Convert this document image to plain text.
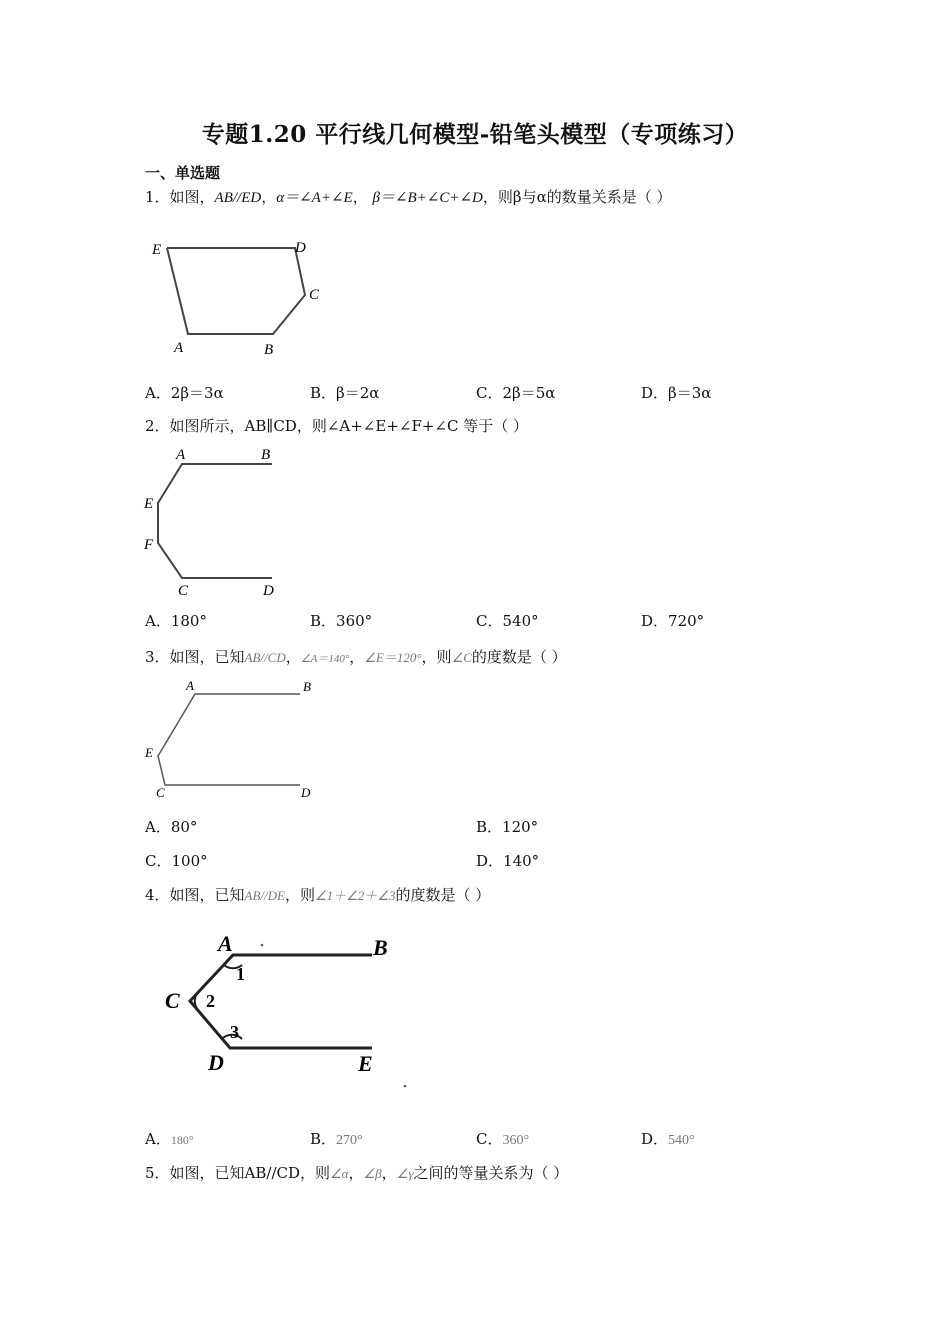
专题1.20 平行线几何模型-铅笔头模型（专项练习）
一、单选题
1．如图，AB//ED，α＝∠A+∠E， β＝∠B+∠C+∠D，则β与α的数量关系是（ ）
E	D
C
A	B
A．2β＝3α	B．β＝2α	C．2β＝5α	D．β＝3α
2．如图所示，AB∥CD，则∠A+∠E+∠F+∠C 等于（ ）
A	B
E
F
C	D
A．180°	B．360°	C．540°	D．720°
3．如图，已知AB//CD，∠A＝140°，∠E＝120°，则∠C的度数是（ ）
A	B
E
C	D
A．80°	B．120°
C．100°	D．140°
4．如图，已知AB//DE，则∠1＋∠2＋∠3的度数是（ ）
A	B
C
D	E
1
2
3
A．180°	B．270°	C．360°	D．540°
5．如图，已知AB//CD，则∠α，∠β，∠γ之间的等量关系为（ ）
